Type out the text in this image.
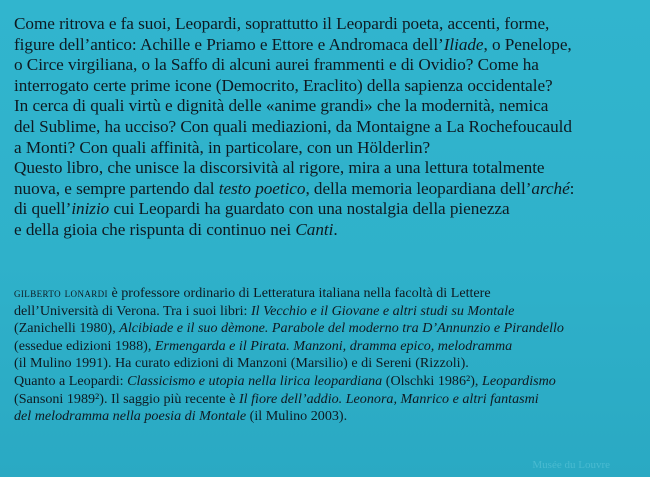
Come ritrova e fa suoi, Leopardi, soprattutto il Leopardi poeta, accenti, forme,
figure dell’antico: Achille e Priamo e Ettore e Andromaca dell’Iliade, o Penelope,
o Circe virgiliana, o la Saffo di alcuni aurei frammenti e di Ovidio? Come ha
interrogato certe prime icone (Democrito, Eraclito) della sapienza occidentale?
In cerca di quali virtù e dignità delle «anime grandi» che la modernità, nemica
del Sublime, ha ucciso? Con quali mediazioni, da Montaigne a La Rochefoucauld
a Monti? Con quali affinità, in particolare, con un Hölderlin?
Questo libro, che unisce la discorsività al rigore, mira a una lettura totalmente
nuova, e sempre partendo dal testo poetico, della memoria leopardiana dell’arché:
di quell’inizio cui Leopardi ha guardato con una nostalgia della pienezza
e della gioia che rispunta di continuo nei Canti.
gilberto lonardi è professore ordinario di Letteratura italiana nella facoltà di Lettere
dell’Università di Verona. Tra i suoi libri: Il Vecchio e il Giovane e altri studi su Montale
(Zanichelli 1980), Alcibiade e il suo dèmone. Parabole del moderno tra D’Annunzio e Pirandello
(essedue edizioni 1988), Ermengarda e il Pirata. Manzoni, dramma epico, melodramma
(il Mulino 1991). Ha curato edizioni di Manzoni (Marsilio) e di Sereni (Rizzoli).
Quanto a Leopardi: Classicismo e utopia nella lirica leopardiana (Olschki 1986²), Leopardismo
(Sansoni 1989²). Il saggio più recente è Il fiore dell’addio. Leonora, Manrico e altri fantasmi
del melodramma nella poesia di Montale (il Mulino 2003).
Musée du Louvre
